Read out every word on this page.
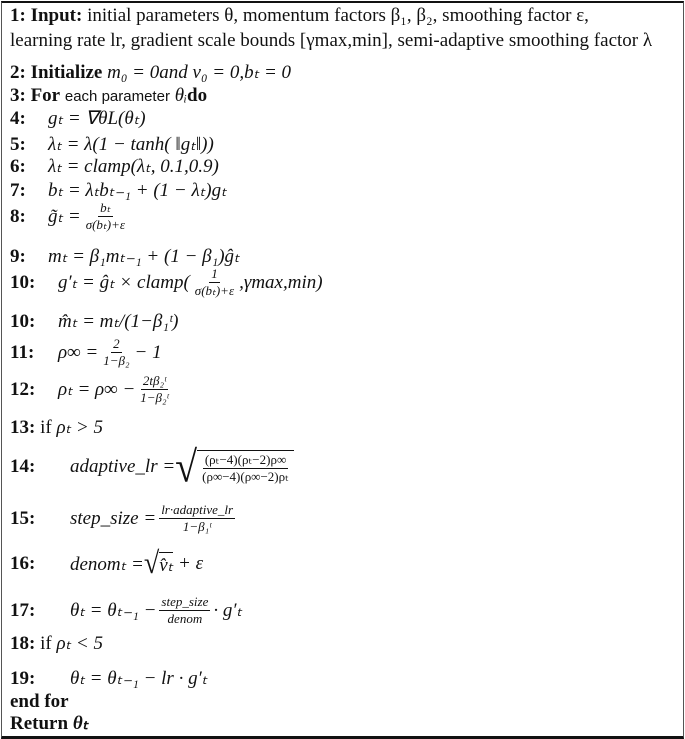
1:
Input:
initial parameters θ, momentum factors β₁, β₂, smoothing factor ε,
learning rate lr, gradient scale bounds [γmax,min], semi-adaptive smoothing factor λ
2:
Initialize
m₀ = 0and v₀ = 0,bₜ = 0
3:
For
each parameter
θᵢ do
4:	gₜ = ∇θL(θₜ)
5:	λₜ = λ(1 − tanh( ‖gₜ‖))
6:	λₜ = clamp(λₜ, 0.1,0.9)
7:	bₜ = λₜbₜ₋₁ + (1 − λₜ)gₜ
8:	g̃ₜ = $\frac{\text{bₜ}}{\text{σ(bₜ)+ε}}$
9:	mₜ = β₁mₜ₋₁ + (1 − β₁)ĝₜ
10:	g′ₜ = ĝₜ × clamp( $\frac{1}{\text{σ(bₜ)+ε}} ,\gamma\max,\min$)
10:	m̂ₜ = mₜ/(1−β₁ᵗ)
11:	$\rho\infty = \frac{2}{\text{1−β₂}} - 1$
12:	$\rho_t = \rho\infty - \frac{\text{2tβ₂ᵗ}}{\text{1−β₂ᵗ}}$
13:
if
ρₜ > 5
14:	adaptive_lr = √ $\frac{\text{(ρₜ−4)(ρₜ−2)ρ∞}}{\text{(ρ∞−4)(ρ∞−2)ρₜ}}$
15:	step_size = $\frac{\text{lr·adaptive\_lr}}{\text{1−β₁ᵗ}}$
16:	denomₜ = √ v̂ₜ
+ ε
17:	$\theta_t = \theta_{t-1} - \frac{\text{step\_size}}{\text{denom}} \cdot g'_t$
18:
if
ρₜ < 5
19:	θₜ = θₜ₋₁ − lr · g′ₜ
end for
Return
θₜ
